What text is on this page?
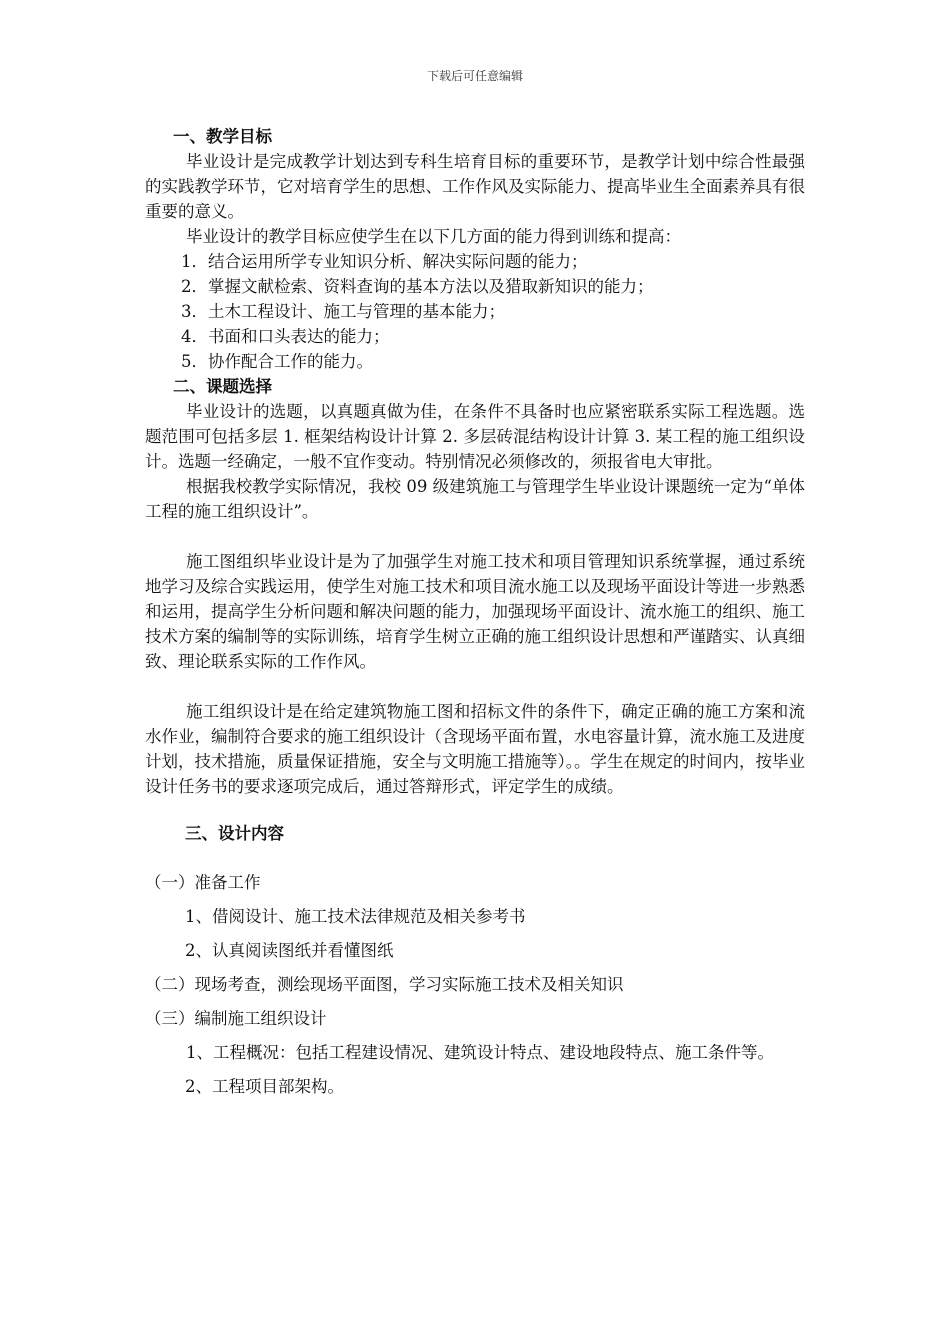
下载后可任意编辑

一、教学目标

毕业设计是完成教学计划达到专科生培育目标的重要环节，是教学计划中综合性最强的实践教学环节，它对培育学生的思想、工作作风及实际能力、提高毕业生全面素养具有很重要的意义。

毕业设计的教学目标应使学生在以下几方面的能力得到训练和提高：

1．结合运用所学专业知识分析、解决实际问题的能力；

2．掌握文献检索、资料查询的基本方法以及猎取新知识的能力；

3．土木工程设计、施工与管理的基本能力；

4．书面和口头表达的能力；

5．协作配合工作的能力。

二、课题选择

毕业设计的选题，以真题真做为佳，在条件不具备时也应紧密联系实际工程选题。选题范围可包括多层 1. 框架结构设计计算 2. 多层砖混结构设计计算 3. 某工程的施工组织设计。选题一经确定，一般不宜作变动。特别情况必须修改的，须报省电大审批。

根据我校教学实际情况，我校 09 级建筑施工与管理学生毕业设计课题统一定为“单体工程的施工组织设计”。

施工图组织毕业设计是为了加强学生对施工技术和项目管理知识系统掌握，通过系统地学习及综合实践运用，使学生对施工技术和项目流水施工以及现场平面设计等进一步熟悉和运用，提高学生分析问题和解决问题的能力，加强现场平面设计、流水施工的组织、施工技术方案的编制等的实际训练，培育学生树立正确的施工组织设计思想和严谨踏实、认真细致、理论联系实际的工作作风。

施工组织设计是在给定建筑物施工图和招标文件的条件下，确定正确的施工方案和流水作业，编制符合要求的施工组织设计（含现场平面布置，水电容量计算，流水施工及进度计划，技术措施，质量保证措施，安全与文明施工措施等）。。学生在规定的时间内，按毕业设计任务书的要求逐项完成后，通过答辩形式，评定学生的成绩。

三、设计内容

（一）准备工作

1、借阅设计、施工技术法律规范及相关参考书

2、认真阅读图纸并看懂图纸

（二）现场考查，测绘现场平面图，学习实际施工技术及相关知识

（三）编制施工组织设计

1、工程概况：包括工程建设情况、建筑设计特点、建设地段特点、施工条件等。

2、工程项目部架构。
